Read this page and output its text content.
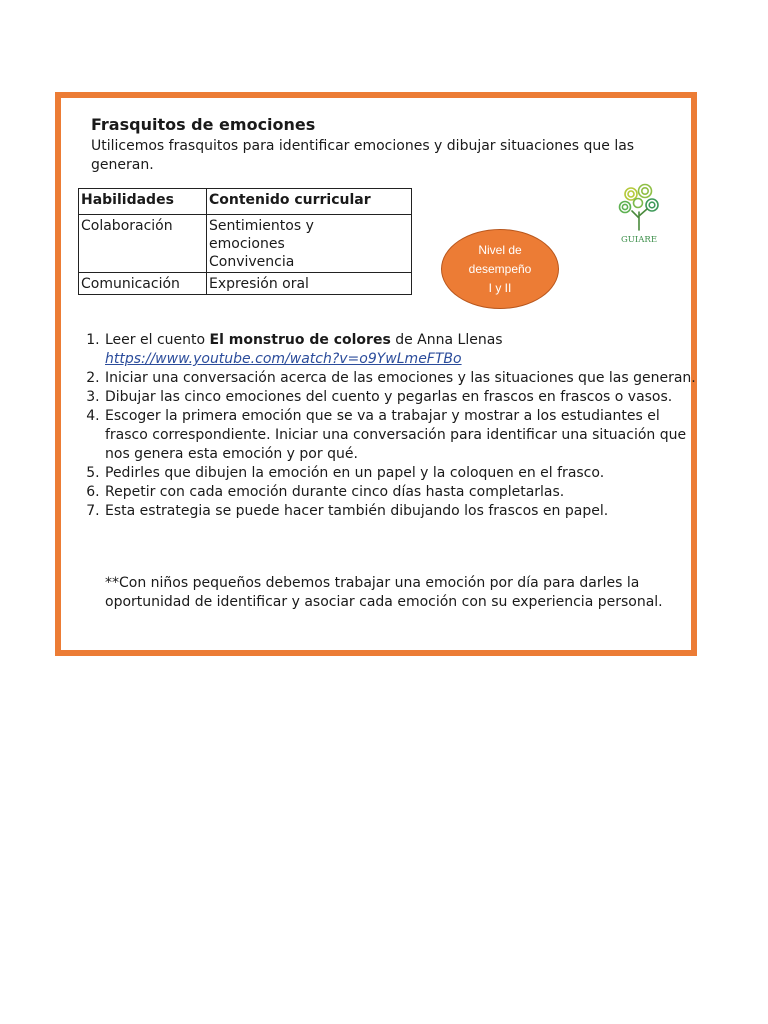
Frasquitos de emociones

Utilicemos frasquitos para identificar emociones y dibujar situaciones que las generan.

Habilidades	Contenido curricular
Colaboración	Sentimientos y
emociones
Convivencia

Comunicación	Expresión oral
Nivel de
desempeño
I y II
GUIARE
1. Leer el cuento El monstruo de colores de Anna Llenas
https://www.youtube.com/watch?v=o9YwLmeFTBo
2. Iniciar una conversación acerca de las emociones y las situaciones que las generan.
3. Dibujar las cinco emociones del cuento y pegarlas en frascos en frascos o vasos.
4. Escoger la primera emoción que se va a trabajar y mostrar a los estudiantes el frasco correspondiente. Iniciar una conversación para identificar una situación que nos genera esta emoción y por qué.
5. Pedirles que dibujen la emoción en un papel y la coloquen en el frasco.
6. Repetir con cada emoción durante cinco días hasta completarlas.
7. Esta estrategia se puede hacer también dibujando los frascos en papel.

**Con niños pequeños debemos trabajar una emoción por día para darles la oportunidad de identificar y asociar cada emoción con su experiencia personal.
